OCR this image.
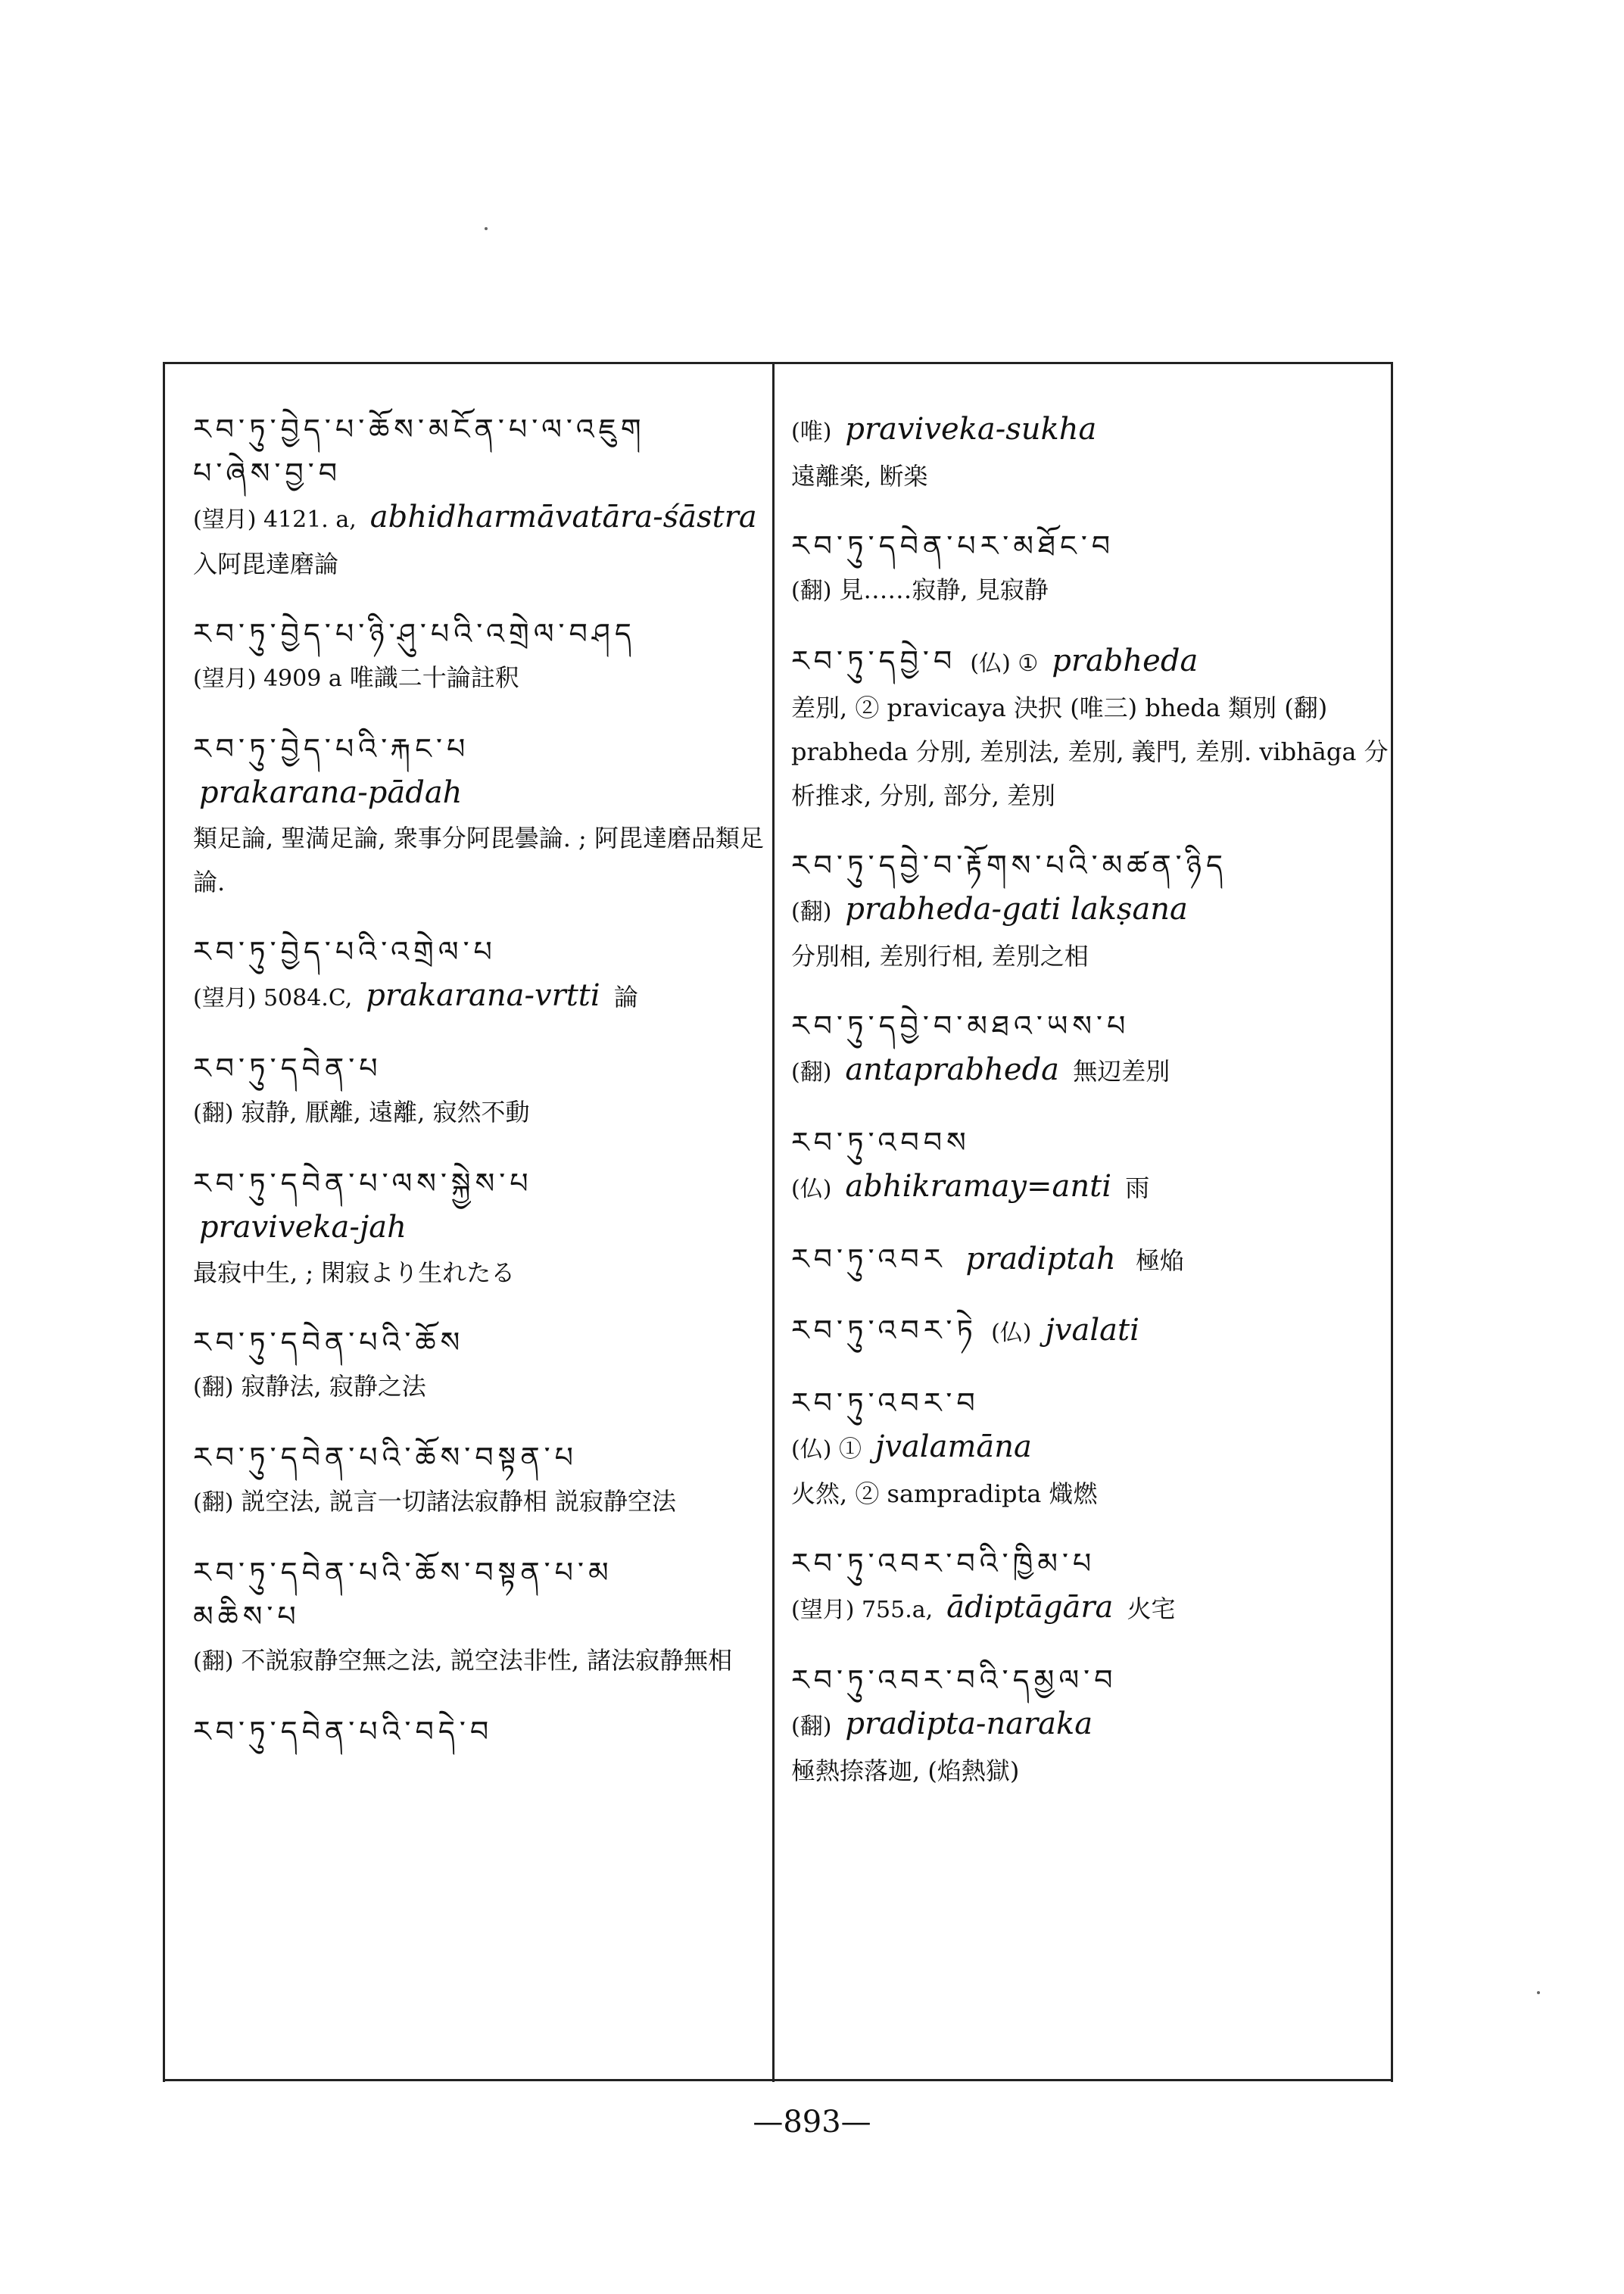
རབ་ཏུ་བྱེད་པ་ཆོས་མངོན་པ་ལ་འཇུག
པ་ཞེས་བྱ་བ
(望月) 4121. a, abhidharmāvatāra-śāstra
入阿毘達磨論
རབ་ཏུ་བྱེད་པ་ཉི་ཤུ་པའི་འགྲེལ་བཤད
(望月) 4909 a 唯識二十論註釈
རབ་ཏུ་བྱེད་པའི་རྐང་པ
prakarana-pādah
類足論, 聖満足論, 衆事分阿毘曇論. ; 阿毘達磨品類足論.
རབ་ཏུ་བྱེད་པའི་འགྲེལ་པ
(望月) 5084.C, prakarana-vrtti 論
རབ་ཏུ་དབེན་པ
(翻) 寂静, 厭離, 遠離, 寂然不動
རབ་ཏུ་དབེན་པ་ལས་སྐྱེས་པ
praviveka-jah
最寂中生, ; 閑寂より生れたる
རབ་ཏུ་དབེན་པའི་ཆོས
(翻) 寂静法, 寂静之法
རབ་ཏུ་དབེན་པའི་ཆོས་བསྟན་པ
(翻) 説空法, 説言一切諸法寂静相 説寂静空法
རབ་ཏུ་དབེན་པའི་ཆོས་བསྟན་པ་མ
མཆིས་པ
(翻) 不説寂静空無之法, 説空法非性, 諸法寂静無相
རབ་ཏུ་དབེན་པའི་བདེ་བ
(唯) praviveka-sukha
遠離楽, 断楽
རབ་ཏུ་དབེན་པར་མཐོང་བ
(翻) 見……寂静, 見寂静
རབ་ཏུ་དབྱེ་བ (仏) ① prabheda
差別, ② pravicaya 決択 (唯三) bheda 類別 (翻) prabheda 分別, 差別法, 差別, 義門, 差別. vibhāga 分析推求, 分別, 部分, 差別
རབ་ཏུ་དབྱེ་བ་རྟོགས་པའི་མཚན་ཉིད
(翻) prabheda-gati lakṣana
分別相, 差別行相, 差別之相
རབ་ཏུ་དབྱེ་བ་མཐའ་ཡས་པ
(翻) antaprabheda 無辺差別
རབ་ཏུ་འབབས
(仏) abhikramay=anti 雨
རབ་ཏུ་འབར pradiptah 極焔
རབ་ཏུ་འབར་ཏེ (仏) jvalati
རབ་ཏུ་འབར་བ
(仏) ① jvalamāna
火然, ② sampradipta 熾燃
རབ་ཏུ་འབར་བའི་ཁྱིམ་པ
(望月) 755.a, ādiptāgāra 火宅
རབ་ཏུ་འབར་བའི་དམྱལ་བ
(翻) pradipta-naraka
極熱捺落迦, (焰熱獄)
—893—
